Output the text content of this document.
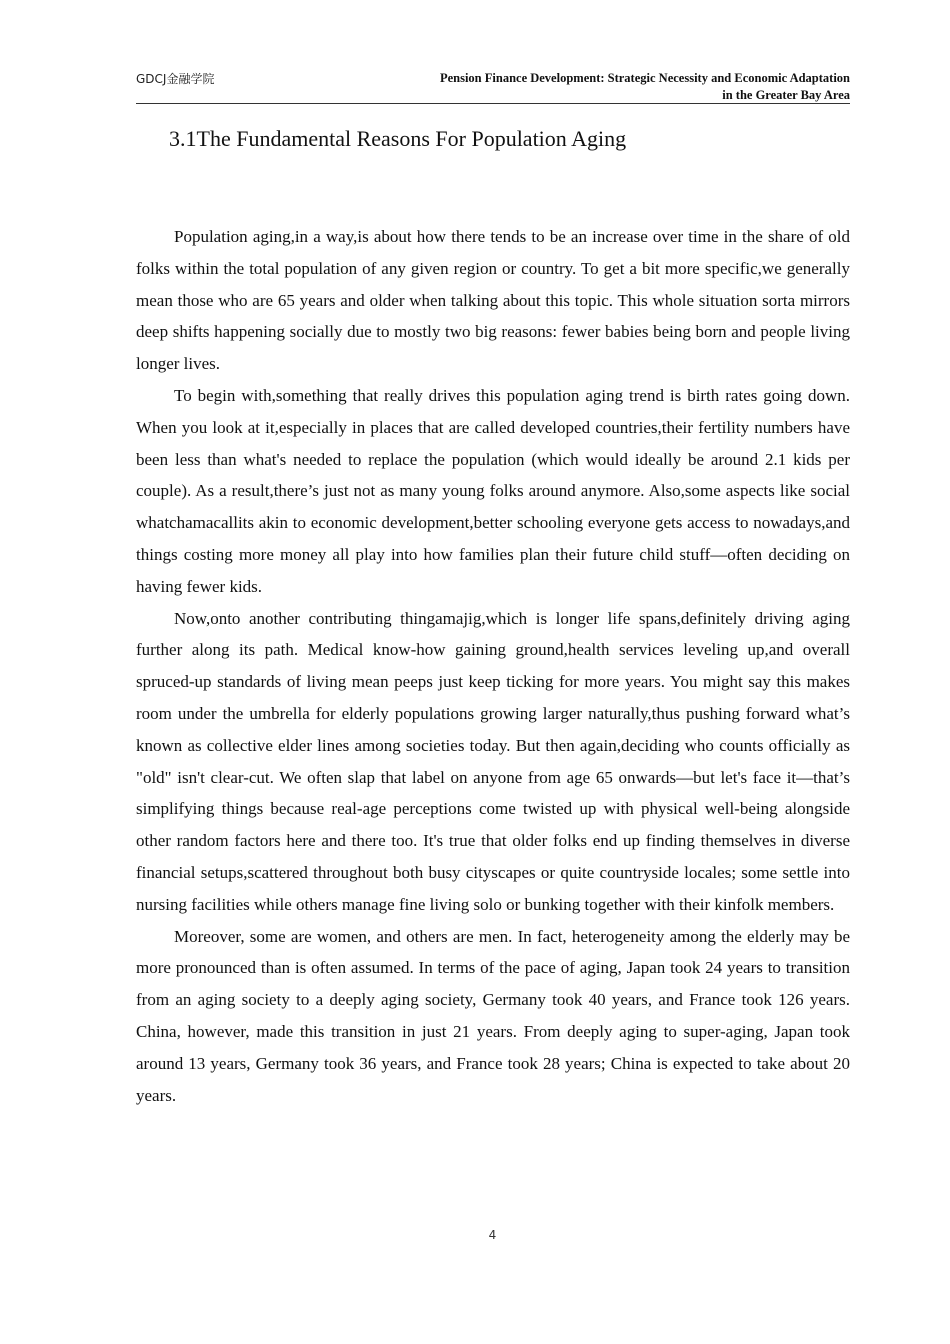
GDCJ金融学院	Pension Finance Development: Strategic Necessity and Economic Adaptation
in the Greater Bay Area
3.1The Fundamental Reasons For Population Aging

Population aging,in a way,is about how there tends to be an increase over time in the share of old folks within the total population of any given region or country. To get a bit more specific,we generally mean those who are 65 years and older when talking about this topic. This whole situation sorta mirrors deep shifts happening socially due to mostly two big reasons: fewer babies being born and people living longer lives.

To begin with,something that really drives this population aging trend is birth rates going down. When you look at it,especially in places that are called developed countries,their fertility numbers have been less than what's needed to replace the population (which would ideally be around 2.1 kids per couple). As a result,there’s just not as many young folks around anymore. Also,some aspects like social whatchamacallits akin to economic development,better schooling everyone gets access to nowadays,and things costing more money all play into how families plan their future child stuff—often deciding on having fewer kids.

Now,onto another contributing thingamajig,which is longer life spans,definitely driving aging further along its path. Medical know-how gaining ground,health services leveling up,and overall spruced-up standards of living mean peeps just keep ticking for more years. You might say this makes room under the umbrella for elderly populations growing larger naturally,thus pushing forward what’s known as collective elder lines among societies today. But then again,deciding who counts officially as "old" isn't clear-cut. We often slap that label on anyone from age 65 onwards—but let's face it—that’s simplifying things because real-age perceptions come twisted up with physical well-being alongside other random factors here and there too. It's true that older folks end up finding themselves in diverse financial setups,scattered throughout both busy cityscapes or quite countryside locales; some settle into nursing facilities while others manage fine living solo or bunking together with their kinfolk members.

Moreover, some are women, and others are men. In fact, heterogeneity among the elderly may be more pronounced than is often assumed. In terms of the pace of aging, Japan took 24 years to transition from an aging society to a deeply aging society, Germany took 40 years, and France took 126 years. China, however, made this transition in just 21 years. From deeply aging to super-aging, Japan took around 13 years, Germany took 36 years, and France took 28 years; China is expected to take about 20 years.

4
